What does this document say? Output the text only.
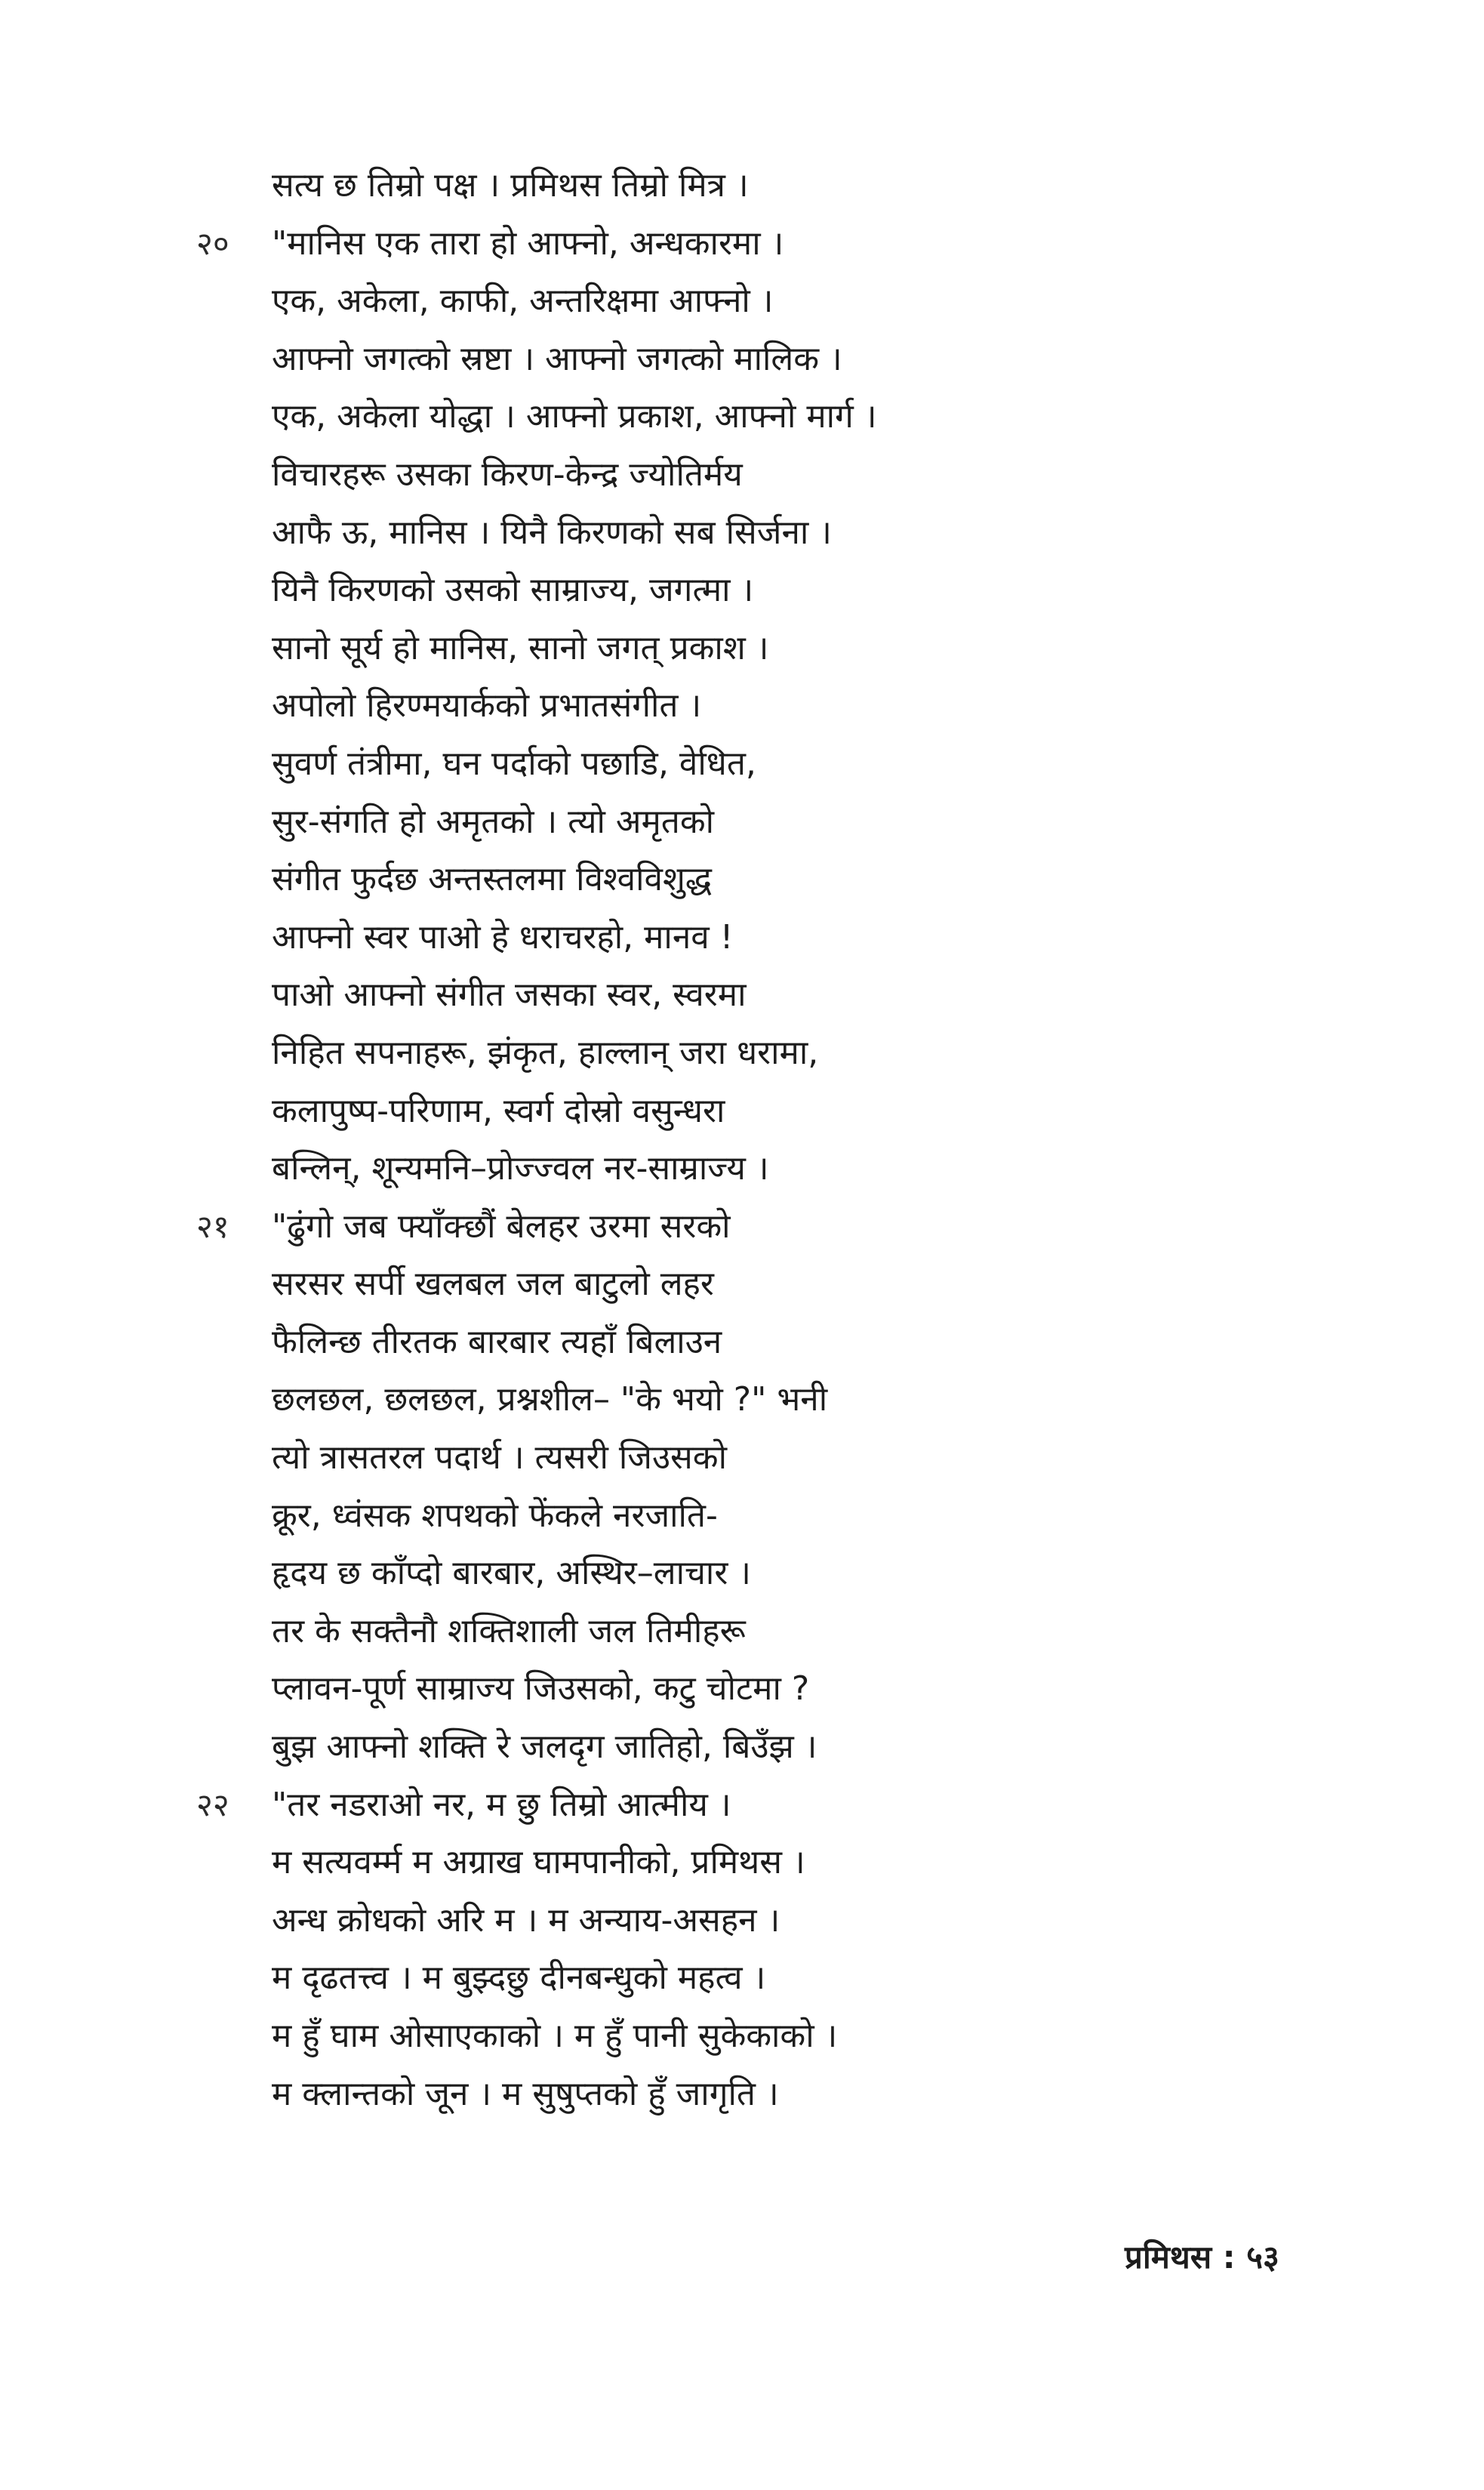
सत्य छ तिम्रो पक्ष । प्रमिथस तिम्रो मित्र ।
२० "मानिस एक तारा हो आफ्नो, अन्धकारमा ।
एक, अकेला, काफी, अन्तरिक्षमा आफ्नो ।
आफ्नो जगत्को स्रष्टा । आफ्नो जगत्को मालिक ।
एक, अकेला योद्धा । आफ्नो प्रकाश, आफ्नो मार्ग ।
विचारहरू उसका किरण-केन्द्र ज्योतिर्मय
आफै ऊ, मानिस । यिनै किरणको सब सिर्जना ।
यिनै किरणको उसको साम्राज्य, जगत्मा ।
सानो सूर्य हो मानिस, सानो जगत् प्रकाश ।
अपोलो हिरण्मयार्कको प्रभातसंगीत ।
सुवर्ण तंत्रीमा, घन पर्दाको पछाडि, वेधित,
सुर-संगति हो अमृतको । त्यो अमृतको
संगीत फुर्दछ अन्तस्तलमा विश्वविशुद्ध
आफ्नो स्वर पाओ हे धराचरहो, मानव !
पाओ आफ्नो संगीत जसका स्वर, स्वरमा
निहित सपनाहरू, झंकृत, हाल्लान् जरा धरामा,
कलापुष्प-परिणाम, स्वर्ग दोस्रो वसुन्धरा
बन्लिन्, शून्यमनि–प्रोज्ज्वल नर-साम्राज्य ।
२१ "ढुंगो जब फ्याँक्छौं बेलहर उरमा सरको
सरसर सर्पी खलबल जल बाटुलो लहर
फैलिन्छ तीरतक बारबार त्यहाँ बिलाउन
छलछल, छलछल, प्रश्नशील– "के भयो ?" भनी
त्यो त्रासतरल पदार्थ । त्यसरी जिउसको
क्रूर, ध्वंसक शपथको फेंकले नरजाति-
हृदय छ काँप्दो बारबार, अस्थिर–लाचार ।
तर के सक्तैनौ शक्तिशाली जल तिमीहरू
प्लावन-पूर्ण साम्राज्य जिउसको, कटु चोटमा ?
बुझ आफ्नो शक्ति रे जलदृग जातिहो, बिउँझ ।
२२ "तर नडराओ नर, म छु तिम्रो आत्मीय ।
म सत्यवर्म्म म अग्राख घामपानीको, प्रमिथस ।
अन्ध क्रोधको अरि म । म अन्याय-असहन ।
म दृढतत्त्व । म बुझ्दछु दीनबन्धुको महत्व ।
म हुँ घाम ओसाएकाको । म हुँ पानी सुकेकाको ।
म क्लान्तको जून । म सुषुप्तको हुँ जागृति ।
प्रमिथस : ५३
